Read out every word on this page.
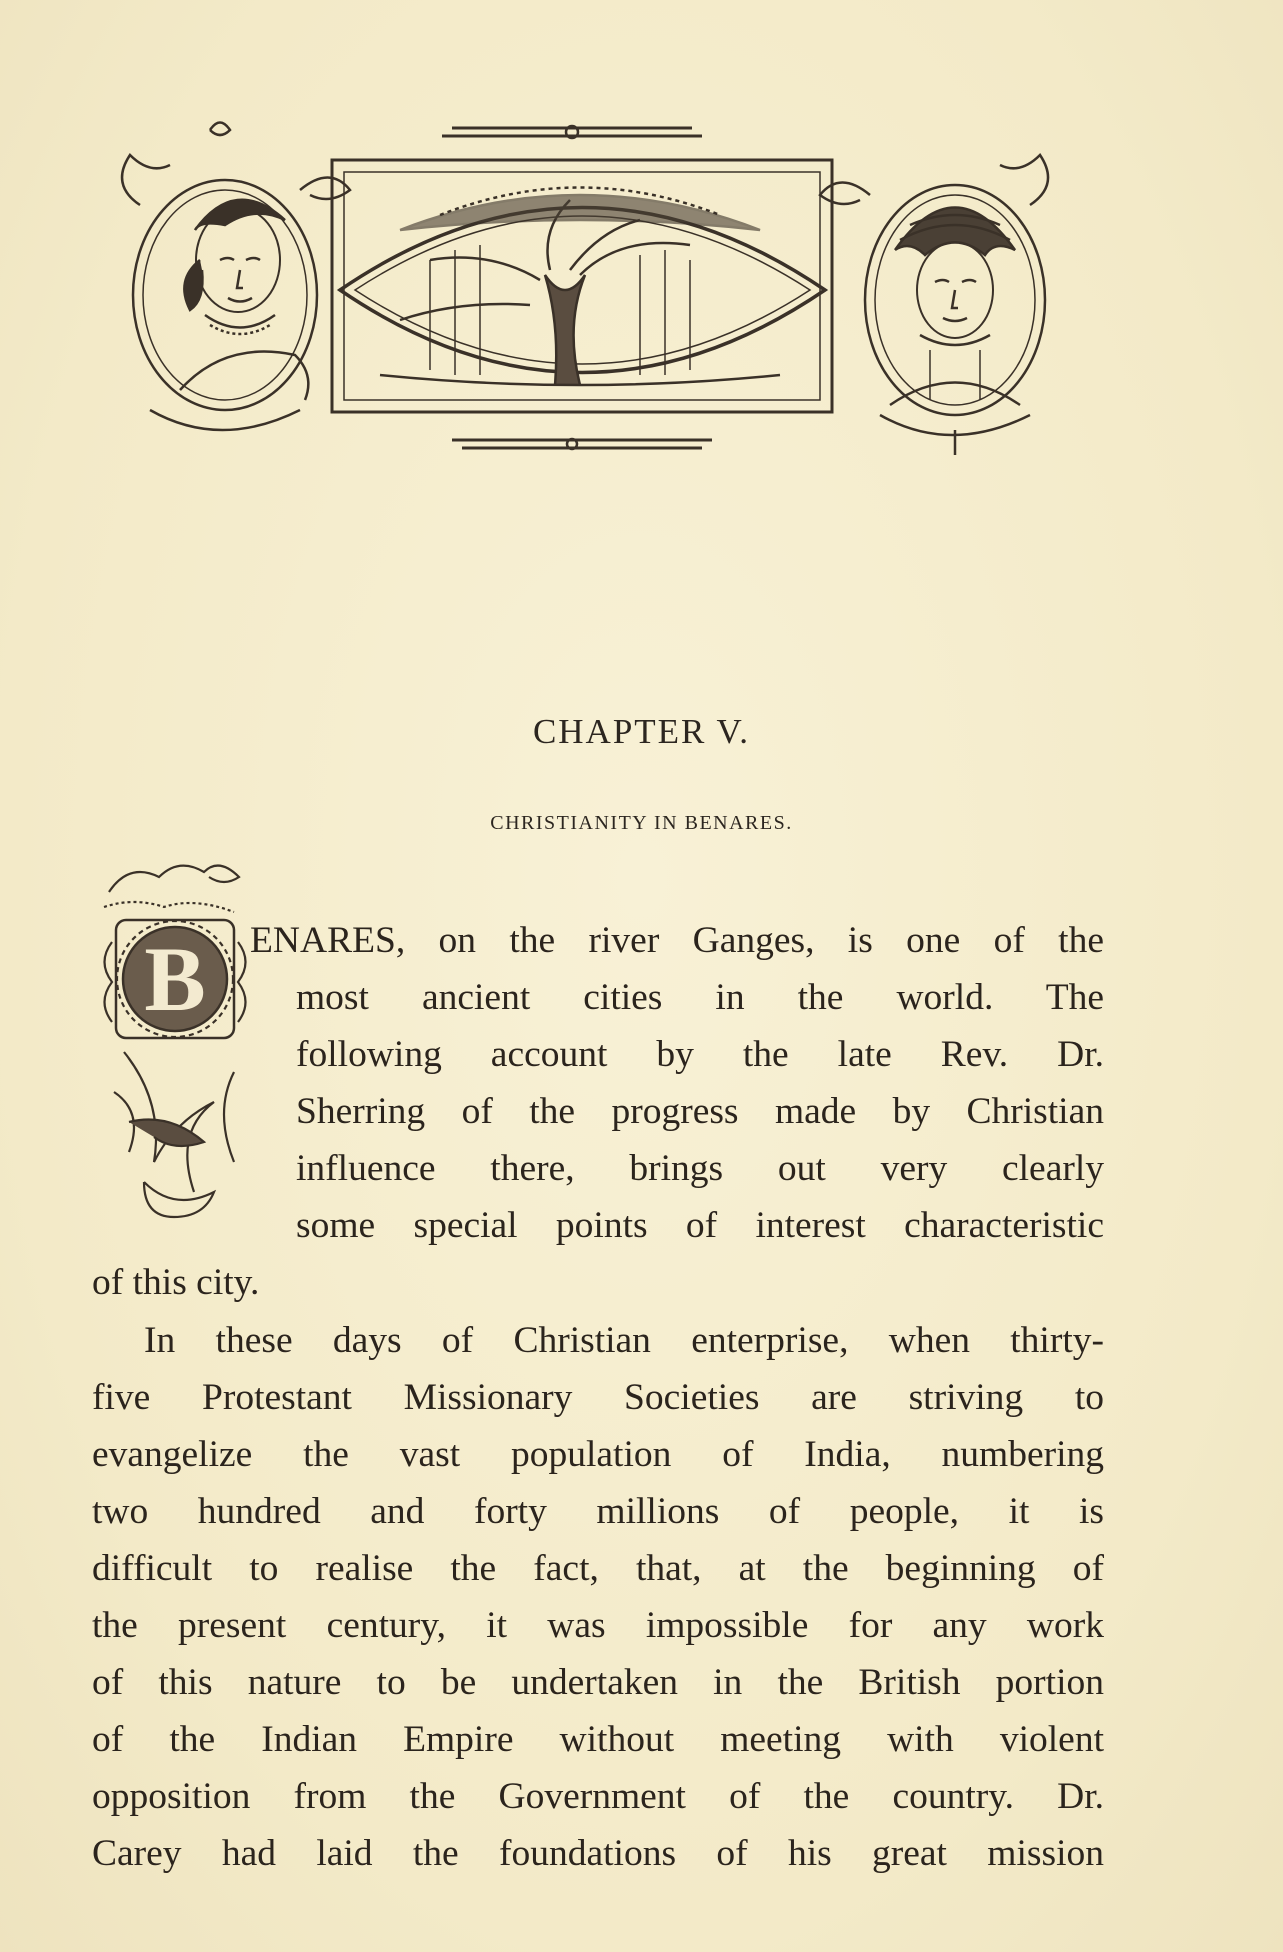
CHAPTER V.
CHRISTIANITY IN BENARES.
B ENARES, on the river Ganges, is one of the
most ancient cities in the world. The
following account by the late Rev. Dr.
Sherring of the progress made by Christian
influence there, brings out very clearly
some special points of interest characteristic
of this city.
In these days of Christian enterprise, when thirty-
five Protestant Missionary Societies are striving to
evangelize the vast population of India, numbering
two hundred and forty millions of people, it is
difficult to realise the fact, that, at the beginning of
the present century, it was impossible for any work
of this nature to be undertaken in the British portion
of the Indian Empire without meeting with violent
opposition from the Government of the country. Dr.
Carey had laid the foundations of his great mission
